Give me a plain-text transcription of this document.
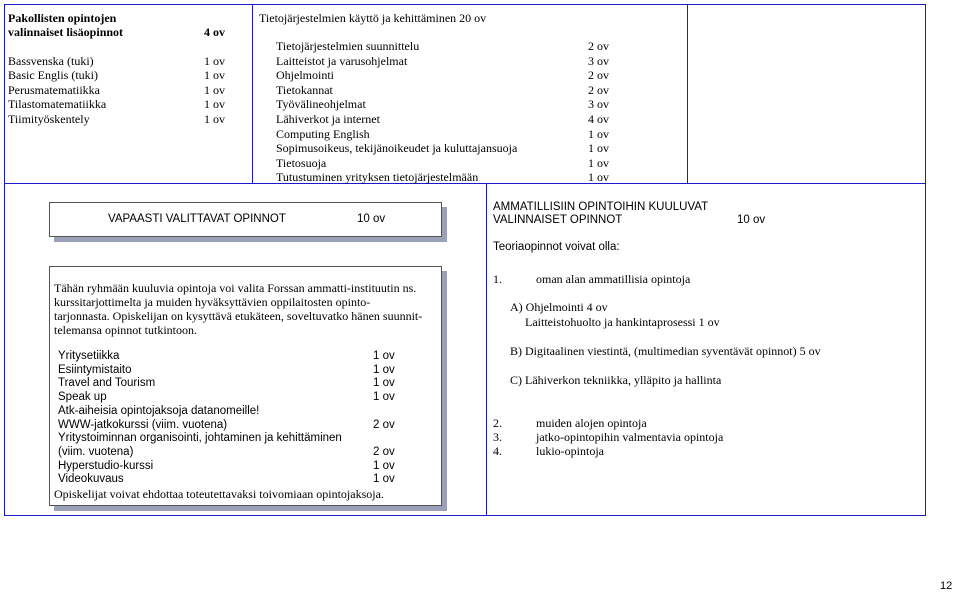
Pakollisten opintojen
valinnaiset lisäopinnot	4 ov
Bassvenska (tuki)	1 ov
Basic Englis (tuki)	1 ov
Perusmatematiikka	1 ov
Tilastomatematiikka	1 ov
Tiimityöskentely	1 ov
Tietojärjestelmien käyttö ja kehittäminen 20 ov
Tietojärjestelmien suunnittelu	2 ov
Laitteistot ja varusohjelmat	3 ov
Ohjelmointi	2 ov
Tietokannat	2 ov
Työvälineohjelmat	3 ov
Lähiverkot ja internet	4 ov
Computing English	1 ov
Sopimusoikeus, tekijänoikeudet ja kuluttajansuoja	1 ov
Tietosuoja	1 ov
Tutustuminen yrityksen tietojärjestelmään	1 ov
VAPAASTI VALITTAVAT OPINNOT	10 ov
Tähän ryhmään kuuluvia opintoja voi valita Forssan ammatti-instituutin ns.
kurssitarjottimelta ja muiden hyväksyttävien oppilaitosten opinto-
tarjonnasta. Opiskelijan on kysyttävä etukäteen, soveltuvatko hänen suunnit-
telemansa opinnot tutkintoon.
Yritysetiikka	1 ov
Esiintymistaito	1 ov
Travel and Tourism	1 ov
Speak up	1 ov
Atk-aiheisia opintojaksoja datanomeille!
WWW-jatkokurssi (viim. vuotena)	2 ov
Yritystoiminnan organisointi, johtaminen ja kehittäminen
(viim. vuotena)	2 ov
Hyperstudio-kurssi	1 ov
Videokuvaus	1 ov
Opiskelijat voivat ehdottaa toteutettavaksi toivomiaan opintojaksoja.
AMMATILLISIIN OPINTOIHIN KUULUVAT
VALINNAISET OPINNOT	10 ov
Teoriaopinnot voivat olla:
1.	oman alan ammatillisia opintoja
A) Ohjelmointi 4 ov
Laitteistohuolto ja hankintaprosessi 1 ov
B) Digitaalinen viestintä, (multimedian syventävät opinnot) 5 ov
C) Lähiverkon tekniikka, ylläpito ja hallinta
2.	muiden alojen opintoja
3.	jatko-opintopihin valmentavia opintoja
4.	lukio-opintoja
12
